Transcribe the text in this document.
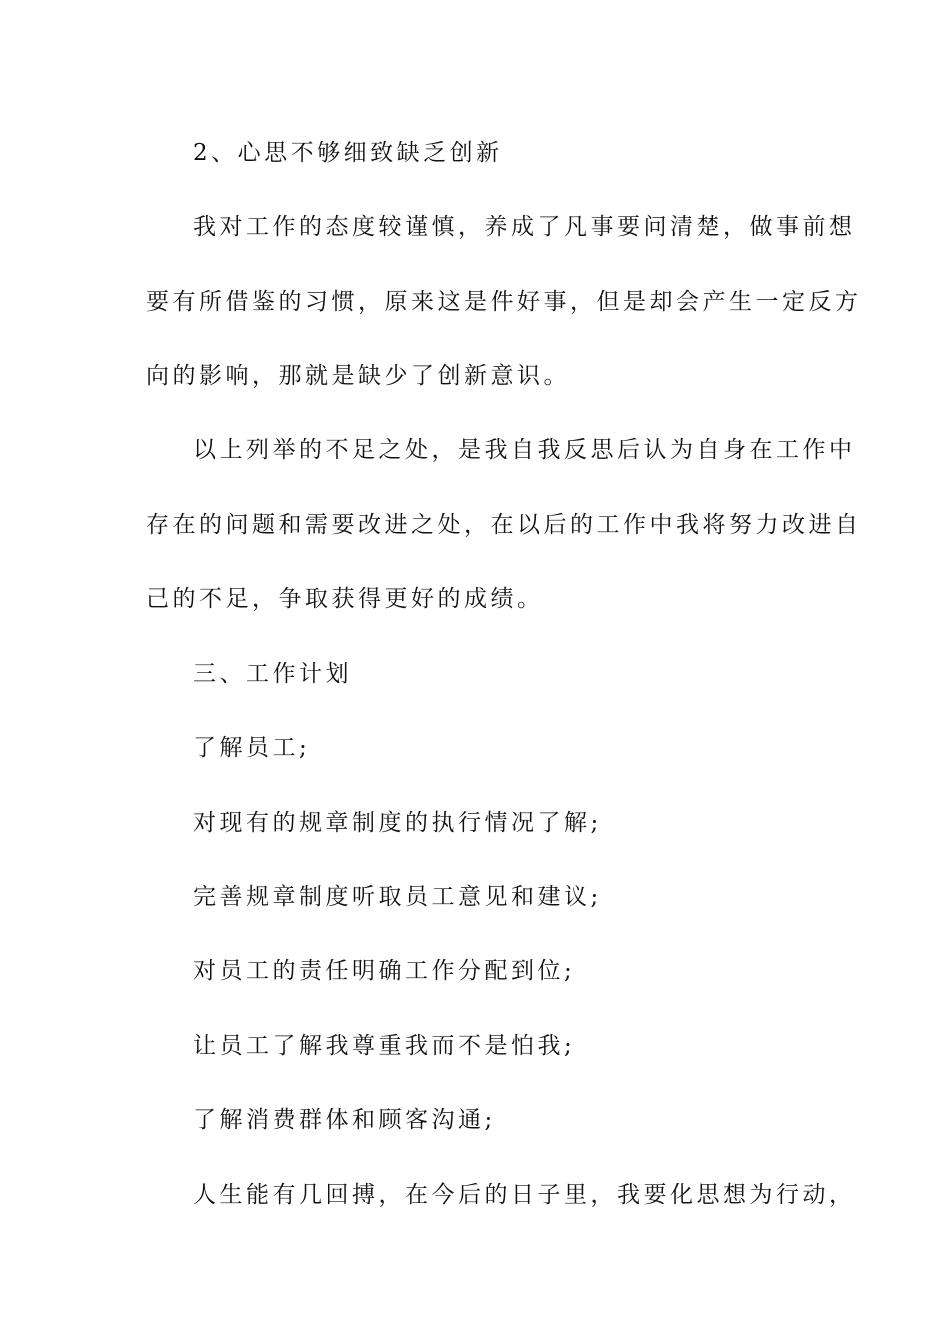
2、心思不够细致缺乏创新
我对工作的态度较谨慎，养成了凡事要问清楚，做事前想
要有所借鉴的习惯，原来这是件好事，但是却会产生一定反方
向的影响，那就是缺少了创新意识。
以上列举的不足之处，是我自我反思后认为自身在工作中
存在的问题和需要改进之处，在以后的工作中我将努力改进自
己的不足，争取获得更好的成绩。
三、工作计划
了解员工;
对现有的规章制度的执行情况了解;
完善规章制度听取员工意见和建议;
对员工的责任明确工作分配到位;
让员工了解我尊重我而不是怕我;
了解消费群体和顾客沟通;
人生能有几回搏，在今后的日子里，我要化思想为行动，
